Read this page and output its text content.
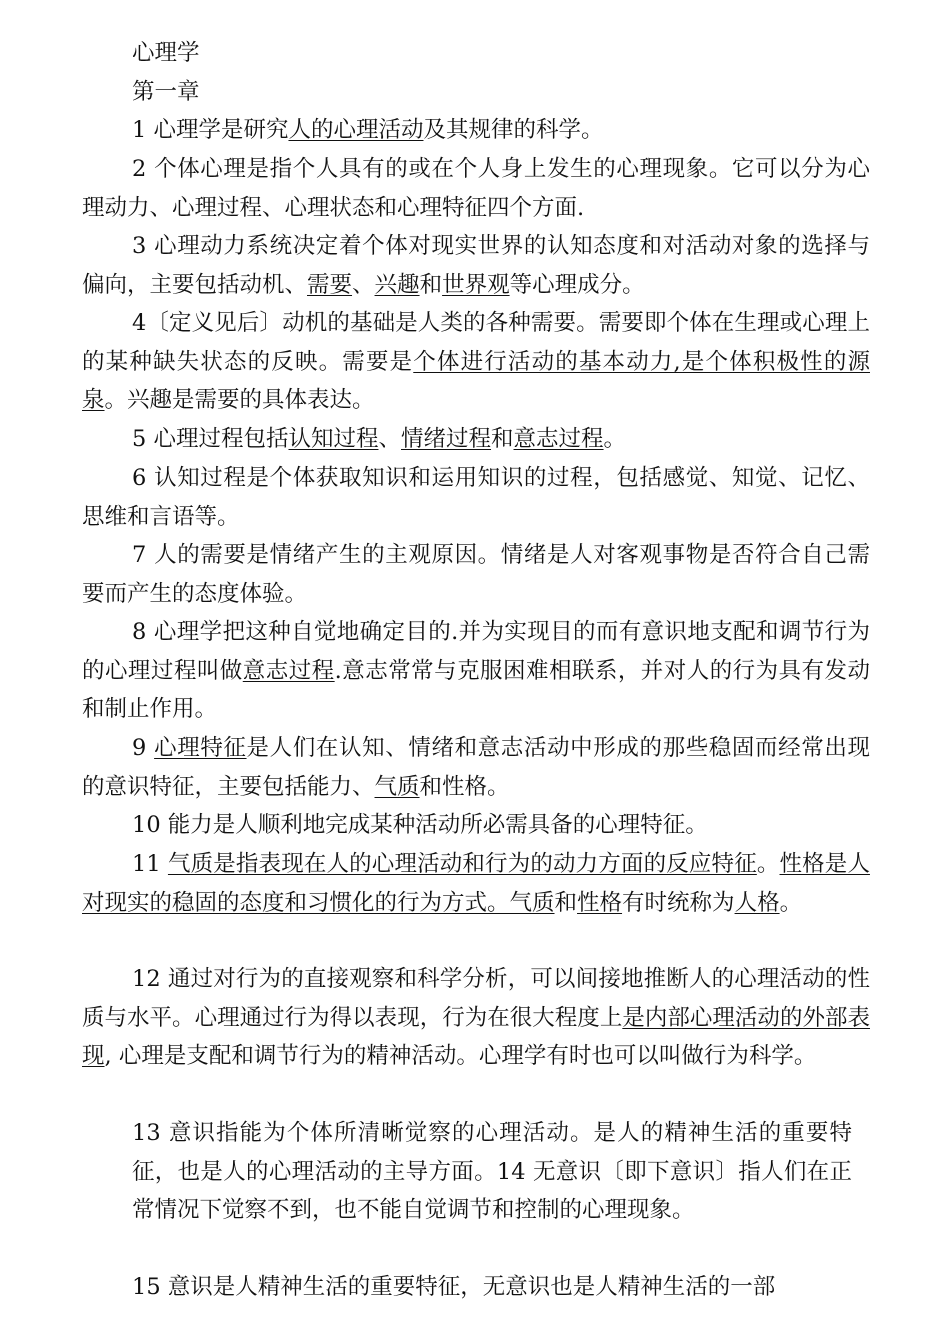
心理学

第一章

1 心理学是研究人的心理活动及其规律的科学。

2 个体心理是指个人具有的或在个人身上发生的心理现象。它可以分为心理动力、心理过程、心理状态和心理特征四个方面.

3 心理动力系统决定着个体对现实世界的认知态度和对活动对象的选择与偏向，主要包括动机、需要、兴趣和世界观等心理成分。

4〔定义见后〕动机的基础是人类的各种需要。需要即个体在生理或心理上的某种缺失状态的反映。需要是个体进行活动的基本动力,是个体积极性的源泉。兴趣是需要的具体表达。

5 心理过程包括认知过程、情绪过程和意志过程。

6 认知过程是个体获取知识和运用知识的过程，包括感觉、知觉、记忆、思维和言语等。

7 人的需要是情绪产生的主观原因。情绪是人对客观事物是否符合自己需要而产生的态度体验。

8 心理学把这种自觉地确定目的.并为实现目的而有意识地支配和调节行为的心理过程叫做意志过程.意志常常与克服困难相联系，并对人的行为具有发动和制止作用。

9 心理特征是人们在认知、情绪和意志活动中形成的那些稳固而经常出现的意识特征，主要包括能力、气质和性格。

10 能力是人顺利地完成某种活动所必需具备的心理特征。

11 气质是指表现在人的心理活动和行为的动力方面的反应特征。性格是人对现实的稳固的态度和习惯化的行为方式。气质和性格有时统称为人格。

12 通过对行为的直接观察和科学分析，可以间接地推断人的心理活动的性质与水平。心理通过行为得以表现，行为在很大程度上是内部心理活动的外部表现, 心理是支配和调节行为的精神活动。心理学有时也可以叫做行为科学。

13 意识指能为个体所清晰觉察的心理活动。是人的精神生活的重要特征，也是人的心理活动的主导方面。14 无意识〔即下意识〕指人们在正常情况下觉察不到，也不能自觉调节和控制的心理现象。

15 意识是人精神生活的重要特征，无意识也是人精神生活的一部
